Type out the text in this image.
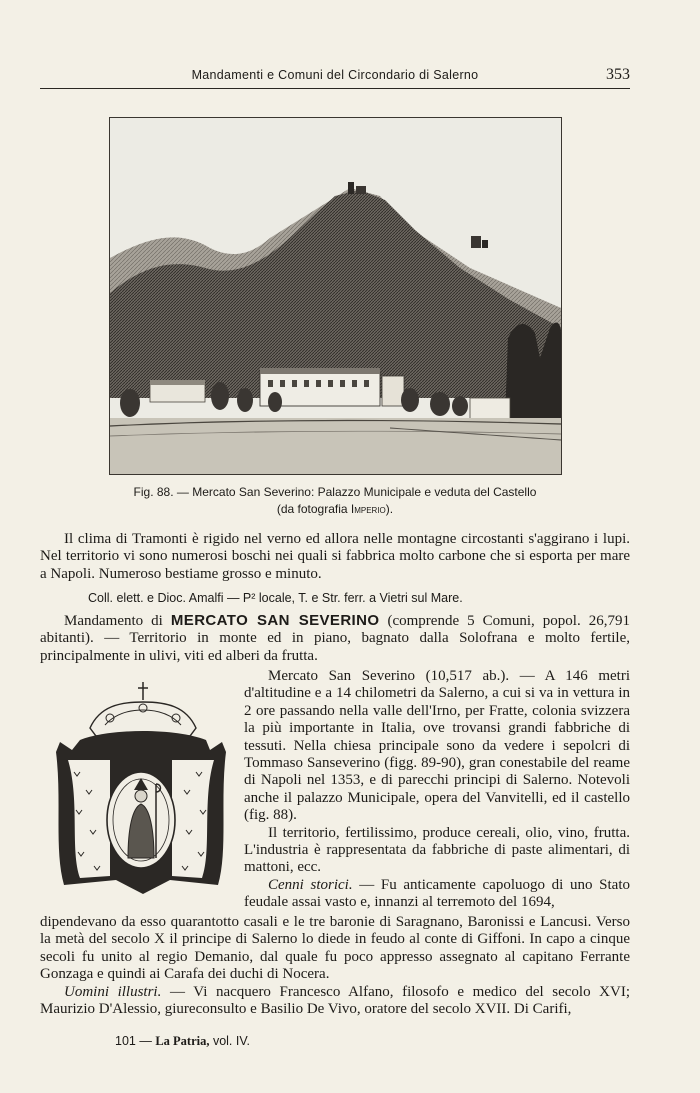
Mandamenti e Comuni del Circondario di Salerno	353
Fig. 88. — Mercato San Severino: Palazzo Municipale e veduta del Castello
(da fotografia Imperio).

Il clima di Tramonti è rigido nel verno ed allora nelle montagne circostanti s'aggirano i lupi. Nel territorio vi sono numerosi boschi nei quali si fabbrica molto carbone che si esporta per mare a Napoli. Numeroso bestiame grosso e minuto.

Coll. elett. e Dioc. Amalfi — P² locale, T. e Str. ferr. a Vietri sul Mare.

Mandamento di MERCATO SAN SEVERINO (comprende 5 Comuni, popol. 26,791 abitanti). — Territorio in monte ed in piano, bagnato dalla Solofrana e molto fertile, principalmente in ulivi, viti ed alberi da frutta.

Mercato San Severino (10,517 ab.). — A 146 metri d'altitudine e a 14 chilometri da Salerno, a cui si va in vettura in 2 ore passando nella valle dell'Irno, per Fratte, colonia svizzera la più importante in Italia, ove trovansi grandi fabbriche di tessuti. Nella chiesa principale sono da vedere i sepolcri di Tommaso Sanseverino (figg. 89-90), gran conestabile del reame di Napoli nel 1353, e di parecchi principi di Salerno. Notevoli anche il palazzo Municipale, opera del Vanvitelli, ed il castello (fig. 88).

Il territorio, fertilissimo, produce cereali, olio, vino, frutta. L'industria è rappresentata da fabbriche di paste alimentari, di mattoni, ecc.

Cenni storici. — Fu anticamente capoluogo di uno Stato feudale assai vasto e, innanzi al terremoto del 1694,

dipendevano da esso quarantotto casali e le tre baronie di Saragnano, Baronissi e Lancusi. Verso la metà del secolo X il principe di Salerno lo diede in feudo al conte di Giffoni. In capo a cinque secoli fu unito al regio Demanio, dal quale fu poco appresso assegnato al capitano Ferrante Gonzaga e quindi ai Carafa dei duchi di Nocera.

Uomini illustri. — Vi nacquero Francesco Alfano, filosofo e medico del secolo XVI; Maurizio D'Alessio, giureconsulto e Basilio De Vivo, oratore del secolo XVII. Di Carifi,

101 — La Patria, vol. IV.
